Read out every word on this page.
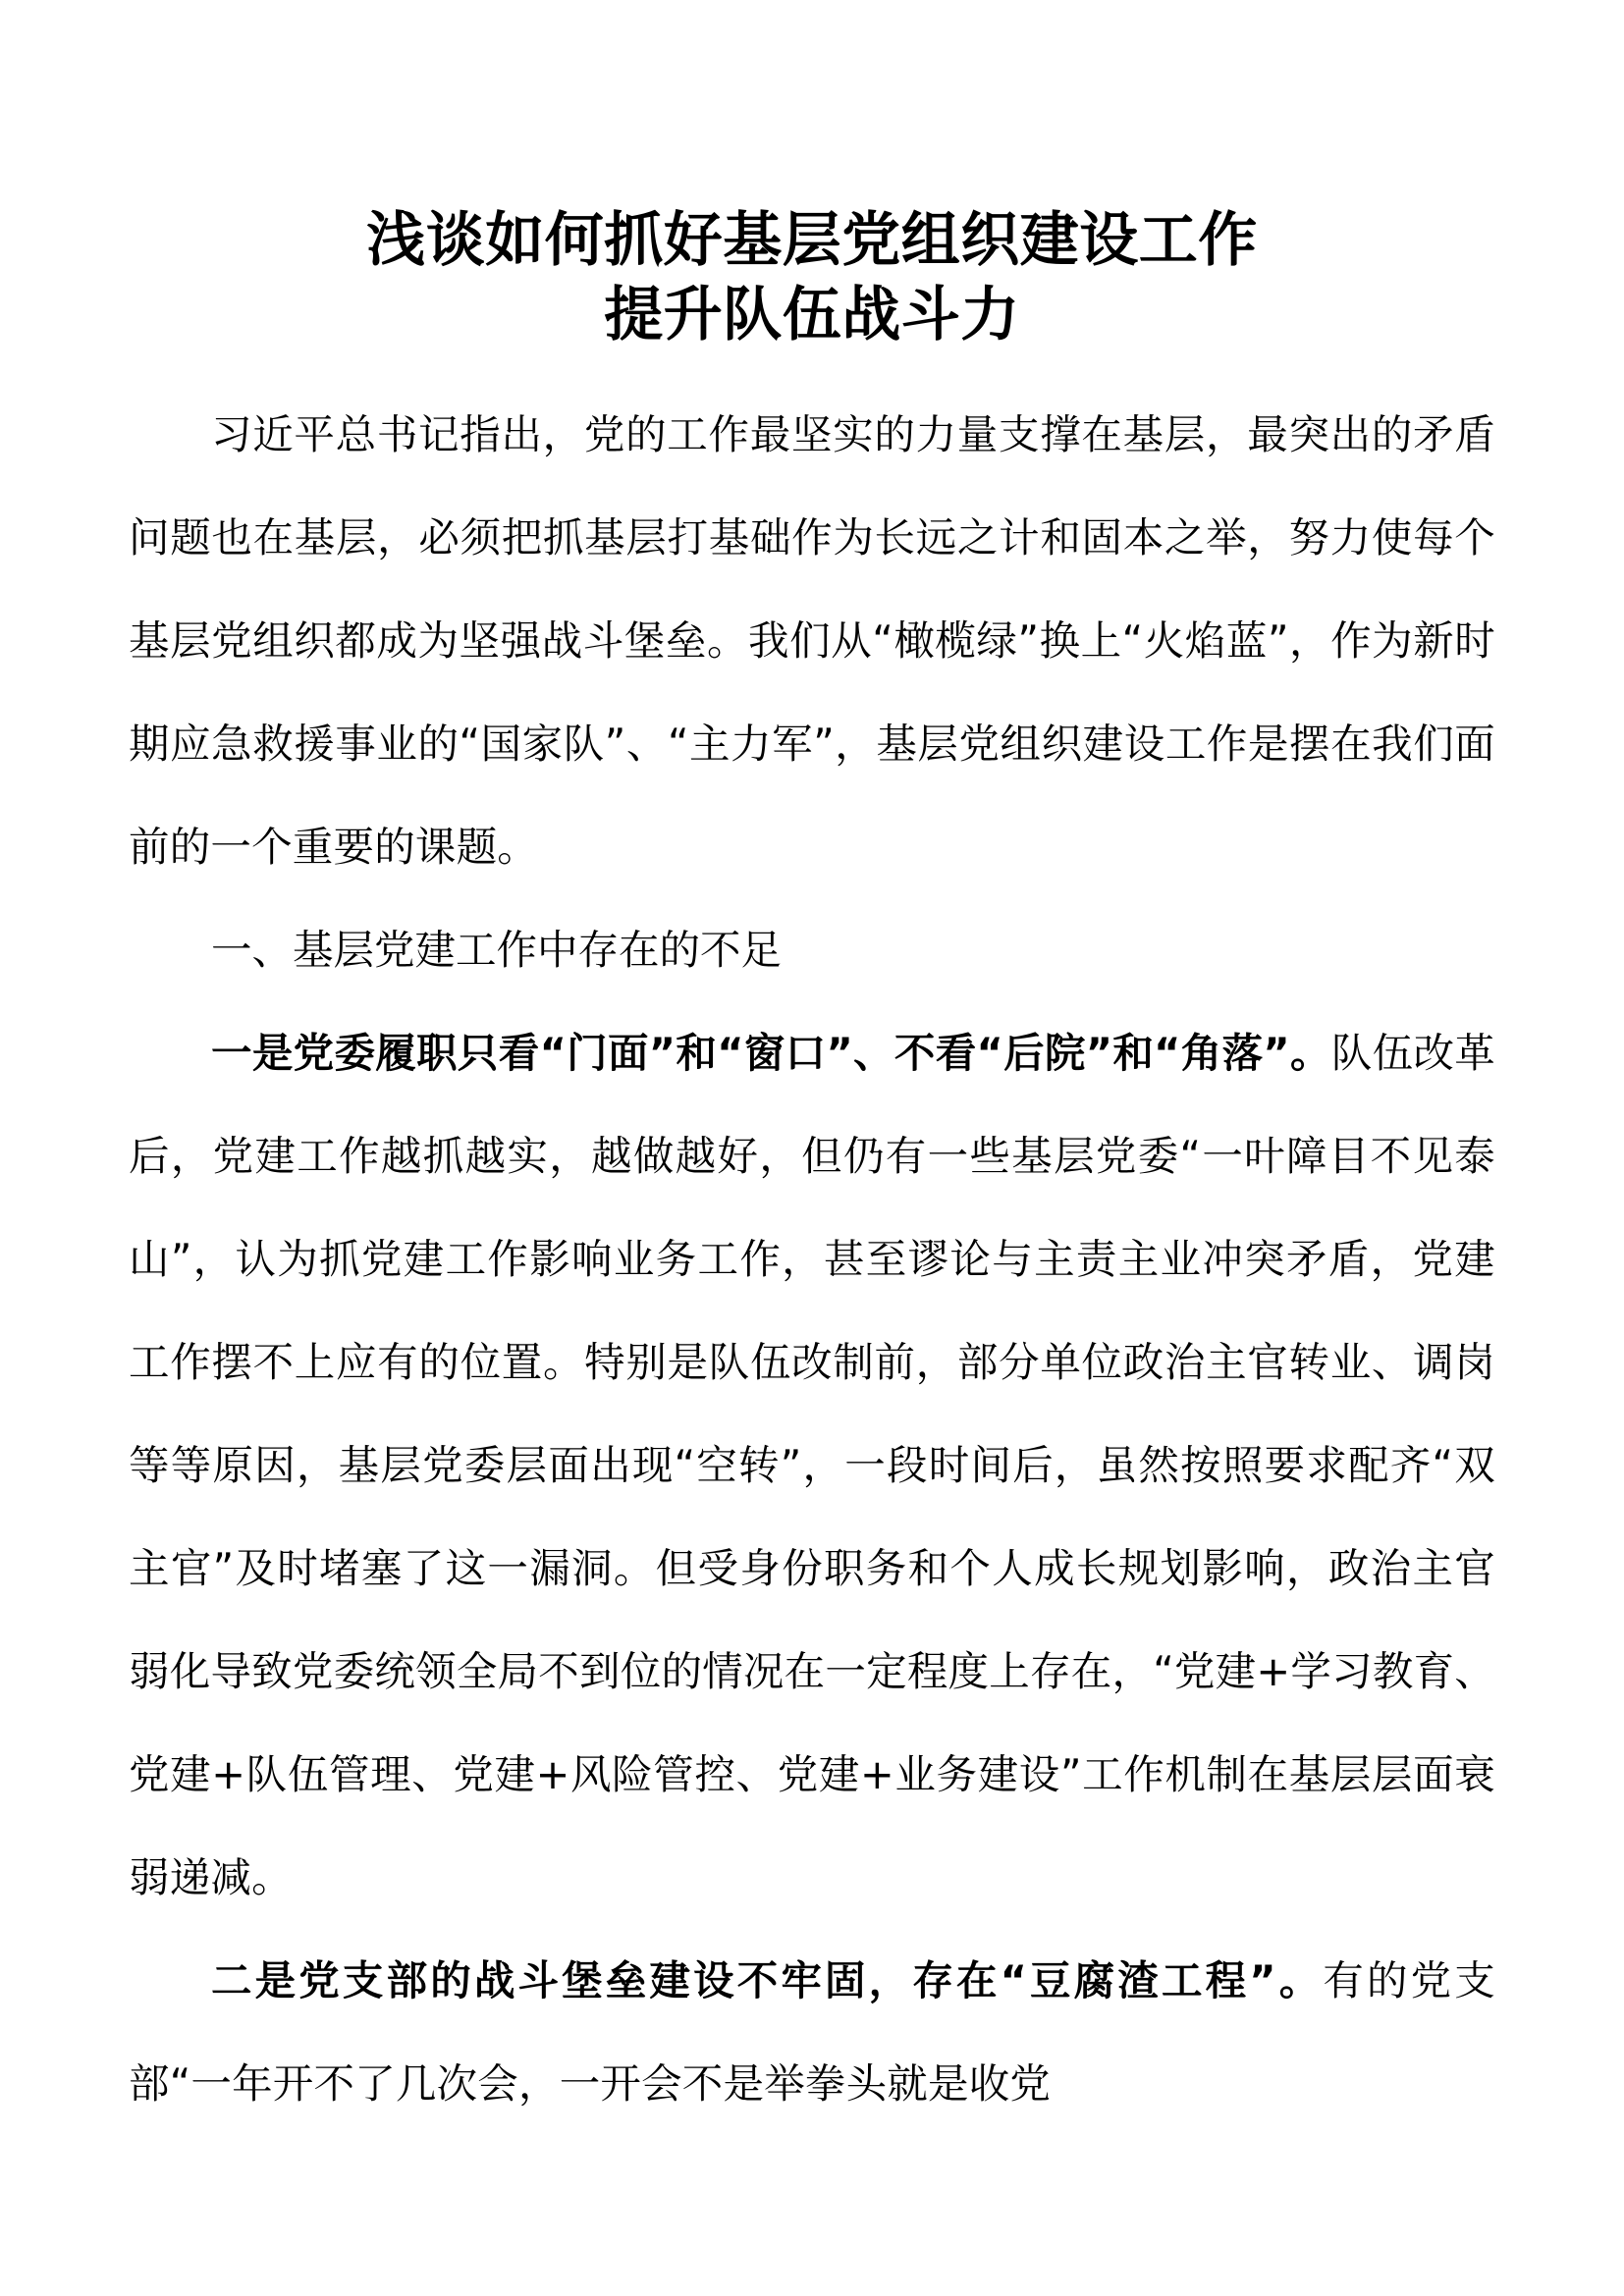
浅谈如何抓好基层党组织建设工作
提升队伍战斗力

习近平总书记指出，党的工作最坚实的力量支撑在基层，最突出的矛盾问题也在基层，必须把抓基层打基础作为长远之计和固本之举，努力使每个基层党组织都成为坚强战斗堡垒。我们从“橄榄绿”换上“火焰蓝”，作为新时期应急救援事业的“国家队”、“主力军”，基层党组织建设工作是摆在我们面前的一个重要的课题。

一、基层党建工作中存在的不足

一是党委履职只看“门面”和“窗口”、不看“后院”和“角落”。队伍改革后，党建工作越抓越实，越做越好，但仍有一些基层党委“一叶障目不见泰山”，认为抓党建工作影响业务工作，甚至谬论与主责主业冲突矛盾，党建工作摆不上应有的位置。特别是队伍改制前，部分单位政治主官转业、调岗等等原因，基层党委层面出现“空转”，一段时间后，虽然按照要求配齐“双主官”及时堵塞了这一漏洞。但受身份职务和个人成长规划影响，政治主官弱化导致党委统领全局不到位的情况在一定程度上存在，“党建+学习教育、党建+队伍管理、党建+风险管控、党建+业务建设”工作机制在基层层面衰弱递减。

二是党支部的战斗堡垒建设不牢固，存在“豆腐渣工程”。有的党支部“一年开不了几次会，一开会不是举拳头就是收党
